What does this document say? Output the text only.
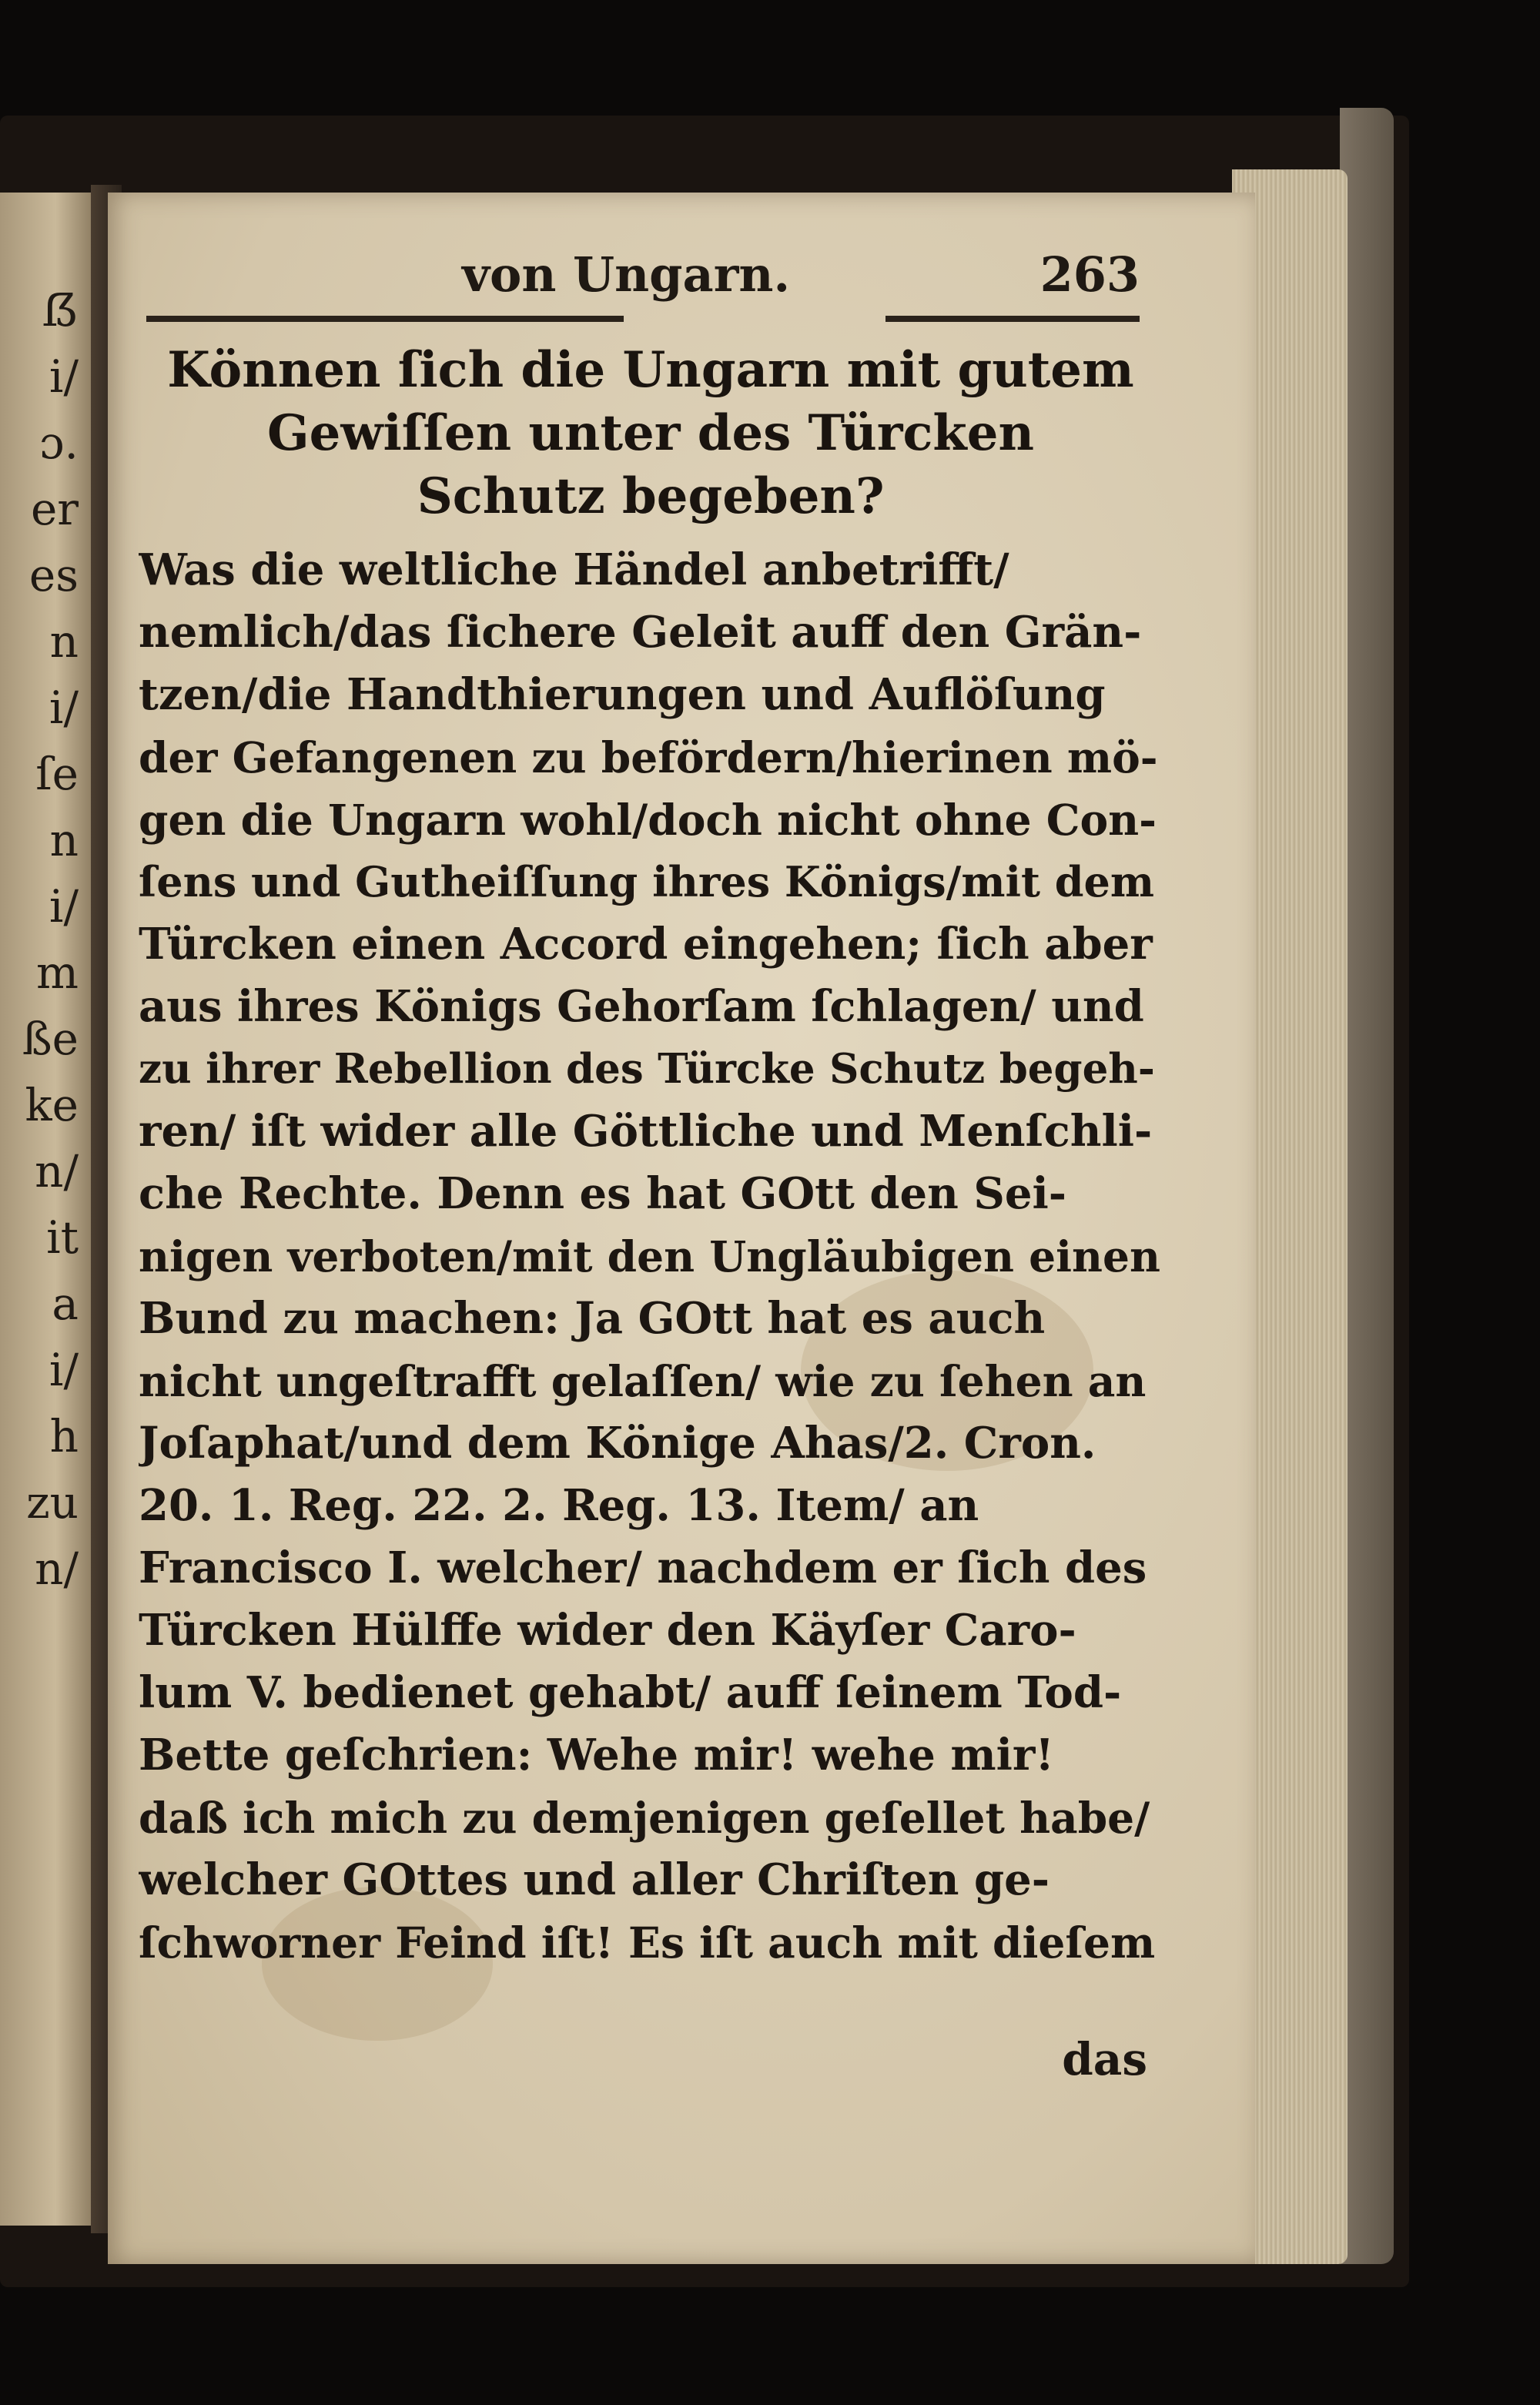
ẞ
i/
ɔ.
er
es
n
i/
ſe
n
i/
m
ße
ke
n/
it
a
i/
h
zu
n/
von Ungarn.	263
Können ſich die Ungarn mit gutem
Gewiſſen unter des Türcken
Schutz begeben?
Was die weltliche Händel anbetrifft/
nemlich/das ſichere Geleit auff den Grän-
tzen/die Handthierungen und Auflöſung
der Gefangenen zu befördern/hierinen mö-
gen die Ungarn wohl/doch nicht ohne Con-
ſens und Gutheiſſung ihres Königs/mit dem
Türcken einen Accord eingehen; ſich aber
aus ihres Königs Gehorſam ſchlagen/ und
zu ihrer Rebellion des Türcke Schutz begeh-
ren/ iſt wider alle Göttliche und Menſchli-
che Rechte. Denn es hat GOtt den Sei-
nigen verboten/mit den Ungläubigen einen
Bund zu machen: Ja GOtt hat es auch
nicht ungeſtrafft gelaſſen/ wie zu ſehen an
Joſaphat/und dem Könige Ahas/2. Cron.
20. 1. Reg. 22. 2. Reg. 13. Item/ an
Francisco I. welcher/ nachdem er ſich des
Türcken Hülffe wider den Käyſer Caro-
lum V. bedienet gehabt/ auff ſeinem Tod-
Bette geſchrien: Wehe mir! wehe mir!
daß ich mich zu demjenigen geſellet habe/
welcher GOttes und aller Chriſten ge-
ſchworner Feind iſt! Es iſt auch mit dieſem
das
